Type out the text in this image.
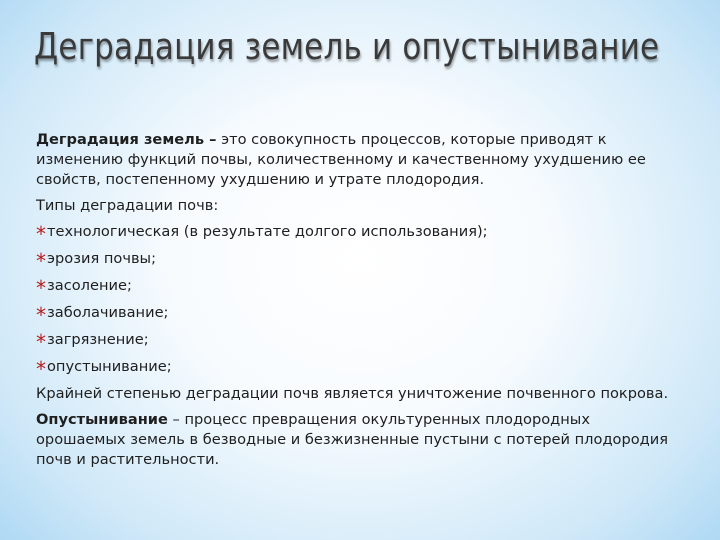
Деградация земель и опустынивание

Деградация земель – это совокупность процессов, которые приводят к изменению функций почвы, количественному и качественному ухудшению ее свойств, постепенному ухудшению и утрате плодородия.

Типы деградации почв:

*технологическая (в результате долгого использования);
*эрозия почвы;
*засоление;
*заболачивание;
*загрязнение;
*опустынивание;

Крайней степенью деградации почв является уничтожение почвенного покрова.

Опустынивание – процесс превращения окультуренных плодородных орошаемых земель в безводные и безжизненные пустыни с потерей плодородия почв и растительности.
